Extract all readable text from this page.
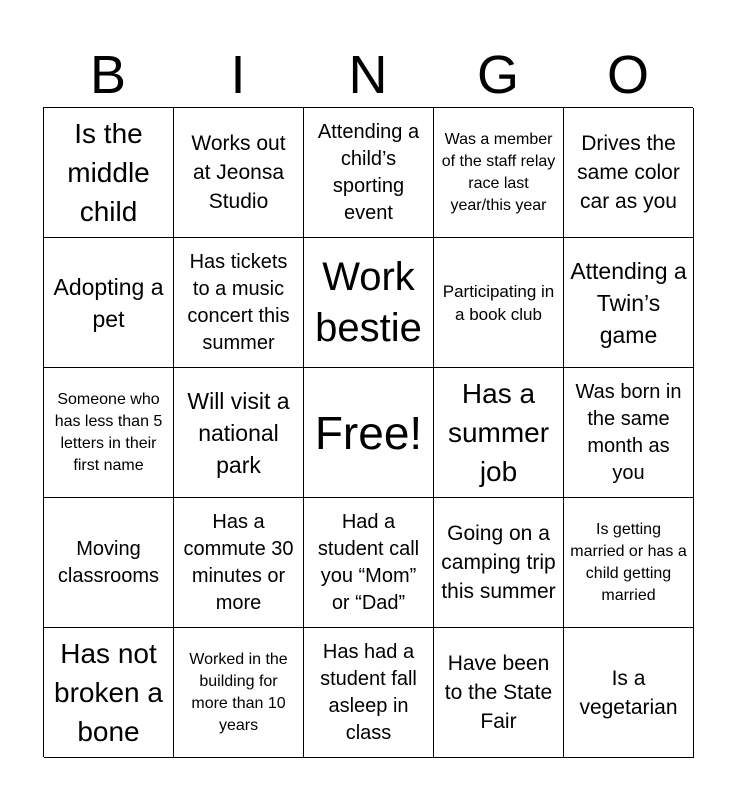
B	I	N	G	O
Is the middle child
Works out at Jeonsa Studio
Attending a child’s sporting event
Was a member of the staff relay race last year/this year
Drives the same color car as you
Adopting a pet
Has tickets to a music concert this summer
Work bestie
Participating in a book club
Attending a Twin’s game
Someone who has less than 5 letters in their first name
Will visit a national park
Free!
Has a summer job
Was born in the same month as you
Moving classrooms
Has a commute 30 minutes or more
Had a student call you “Mom” or “Dad”
Going on a camping trip this summer
Is getting married or has a child getting married
Has not broken a bone
Worked in the building for more than 10 years
Has had a student fall asleep in class
Have been to the State Fair
Is a vegetarian
